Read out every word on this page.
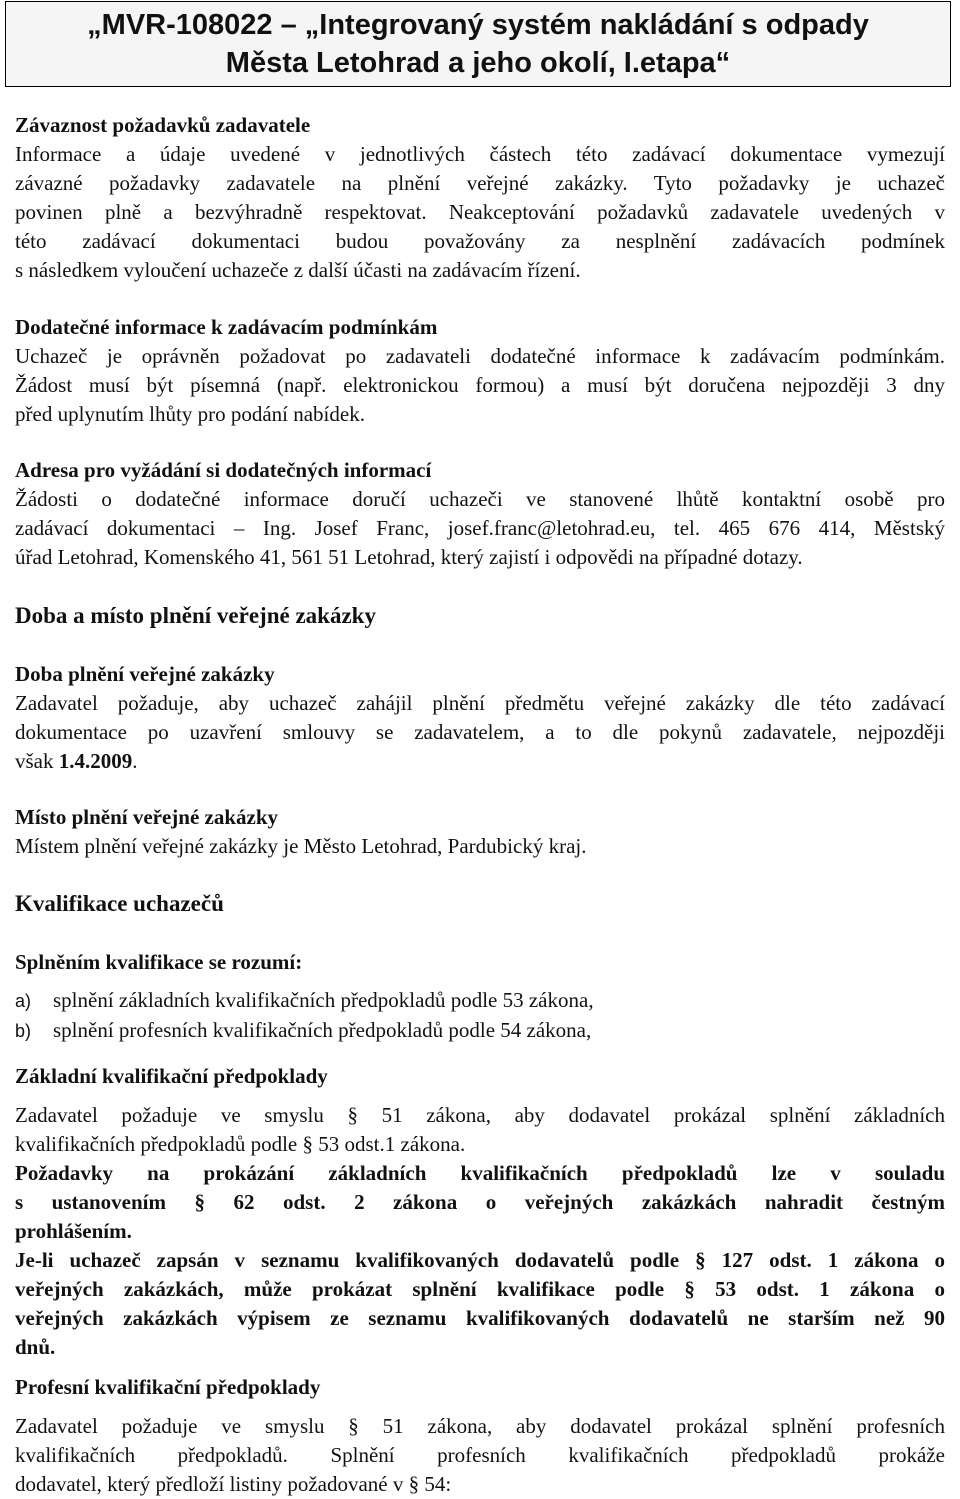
„MVR-108022 – „Integrovaný systém nakládání s odpady
Města Letohrad a jeho okolí, I.etapa“
Závaznost požadavků zadavatele
Informace a údaje uvedené v jednotlivých částech této zadávací dokumentace vymezují
závazné požadavky zadavatele na plnění veřejné zakázky. Tyto požadavky je uchazeč
povinen plně a bezvýhradně respektovat. Neakceptování požadavků zadavatele uvedených v
této zadávací dokumentaci budou považovány za nesplnění zadávacích podmínek
s následkem vyloučení uchazeče z další účasti na zadávacím řízení.
Dodatečné informace k zadávacím podmínkám
Uchazeč je oprávněn požadovat po zadavateli dodatečné informace k zadávacím podmínkám.
Žádost musí být písemná (např. elektronickou formou) a musí být doručena nejpozději 3 dny
před uplynutím lhůty pro podání nabídek.
Adresa pro vyžádání si dodatečných informací
Žádosti o dodatečné informace doručí uchazeči ve stanovené lhůtě kontaktní osobě pro
zadávací dokumentaci – Ing. Josef Franc, josef.franc@letohrad.eu, tel. 465 676 414, Městský
úřad Letohrad, Komenského 41, 561 51 Letohrad, který zajistí i odpovědi na případné dotazy.
Doba a místo plnění veřejné zakázky
Doba plnění veřejné zakázky
Zadavatel požaduje, aby uchazeč zahájil plnění předmětu veřejné zakázky dle této zadávací
dokumentace po uzavření smlouvy se zadavatelem, a to dle pokynů zadavatele, nejpozději
však 1.4.2009.
Místo plnění veřejné zakázky
Místem plnění veřejné zakázky je Město Letohrad, Pardubický kraj.
Kvalifikace uchazečů
Splněním kvalifikace se rozumí:
a) splnění základních kvalifikačních předpokladů podle 53 zákona,
b) splnění profesních kvalifikačních předpokladů podle 54 zákona,
Základní kvalifikační předpoklady
Zadavatel požaduje ve smyslu § 51 zákona, aby dodavatel prokázal splnění základních
kvalifikačních předpokladů podle § 53 odst.1 zákona.
Požadavky na prokázání základních kvalifikačních předpokladů lze v souladu
s ustanovením § 62 odst. 2 zákona o veřejných zakázkách nahradit čestným
prohlášením.
Je-li uchazeč zapsán v seznamu kvalifikovaných dodavatelů podle § 127 odst. 1 zákona o
veřejných zakázkách, může prokázat splnění kvalifikace podle § 53 odst. 1 zákona o
veřejných zakázkách výpisem ze seznamu kvalifikovaných dodavatelů ne starším než 90
dnů.
Profesní kvalifikační předpoklady
Zadavatel požaduje ve smyslu § 51 zákona, aby dodavatel prokázal splnění profesních
kvalifikačních předpokladů. Splnění profesních kvalifikačních předpokladů prokáže
dodavatel, který předloží listiny požadované v § 54:
